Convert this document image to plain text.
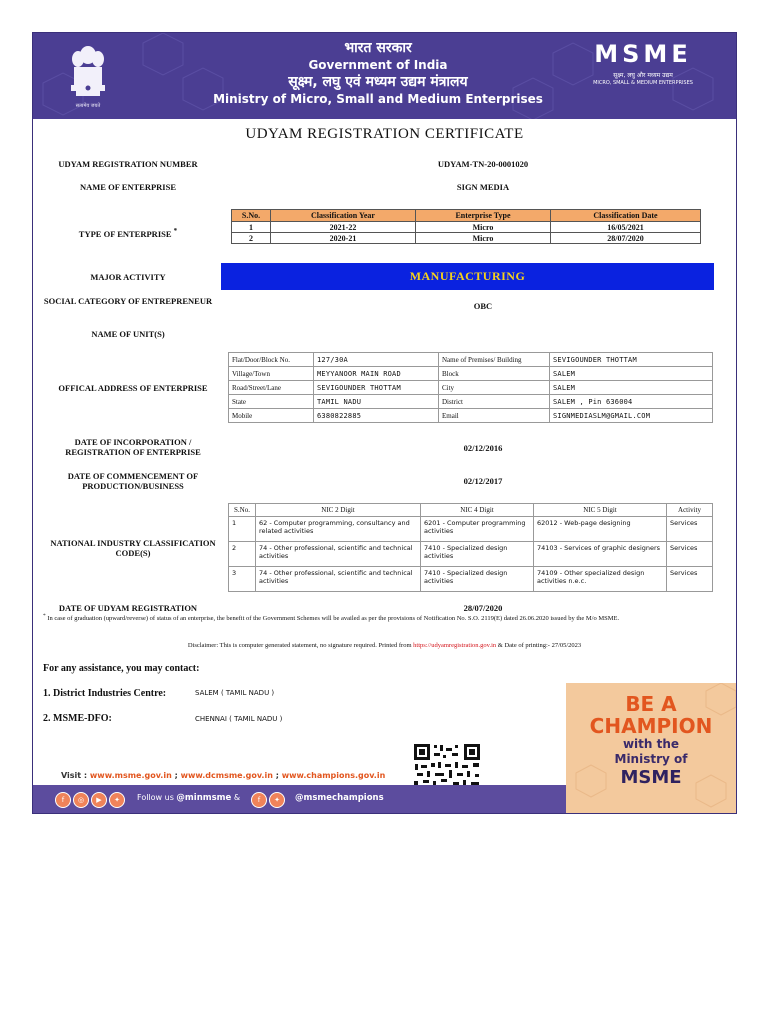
सत्यमेव जयते
भारत सरकार
Government of India
सूक्ष्म, लघु एवं मध्यम उद्यम मंत्रालय
Ministry of Micro, Small and Medium Enterprises
MSME
सूक्ष्म, लघु और मध्यम उद्यम
MICRO, SMALL & MEDIUM ENTERPRISES
UDYAM REGISTRATION CERTIFICATE
UDYAM REGISTRATION NUMBER	UDYAM-TN-20-0001020
NAME OF ENTERPRISE	SIGN MEDIA
TYPE OF ENTERPRISE *
S.No.	Classification Year	Enterprise Type	Classification Date
1	2021-22	Micro	16/05/2021
2	2020-21	Micro	28/07/2020
MAJOR ACTIVITY	MANUFACTURING
SOCIAL CATEGORY OF ENTREPRENEUR	OBC
NAME OF UNIT(S)
OFFICAL ADDRESS OF ENTERPRISE
Flat/Door/Block No.	127/30A	Name of Premises/ Building	SEVIGOUNDER THOTTAM
Village/Town	MEYYANOOR MAIN ROAD	Block	SALEM
Road/Street/Lane	SEVIGOUNDER THOTTAM	City	SALEM
State	TAMIL NADU	District	SALEM , Pin 636004
Mobile	6380822885	Email	SIGNMEDIASLM@GMAIL.COM
DATE OF INCORPORATION / REGISTRATION OF ENTERPRISE	02/12/2016
DATE OF COMMENCEMENT OF PRODUCTION/BUSINESS	02/12/2017
NATIONAL INDUSTRY CLASSIFICATION CODE(S)
S.No.	NIC 2 Digit	NIC 4 Digit	NIC 5 Digit	Activity
1	62 - Computer programming, consultancy and related activities	6201 - Computer programming activities	62012 - Web-page designing	Services
2	74 - Other professional, scientific and technical activities	7410 - Specialized design activities	74103 - Services of graphic designers	Services
3	74 - Other professional, scientific and technical activities	7410 - Specialized design activities	74109 - Other specialized design activities n.e.c.	Services
DATE OF UDYAM REGISTRATION	28/07/2020
* In case of graduation (upward/reverse) of status of an enterprise, the benefit of the Government Schemes will be availed as per the provisions of Notification No. S.O. 2119(E) dated 26.06.2020 issued by the M/o MSME.
Disclaimer: This is computer generated statement, no signature required. Printed from https://udyamregistration.gov.in & Date of printing:- 27/05/2023
For any assistance, you may contact:
1. District Industries Centre:	SALEM ( TAMIL NADU )
2. MSME-DFO:	CHENNAI ( TAMIL NADU )
BE A
CHAMPION
with the
Ministry of
MSME
Visit : www.msme.gov.in ; www.dcmsme.gov.in ; www.champions.gov.in
f ◎ ▶ ✦	Follow us @minmsme &	f ✦	@msmechampions
